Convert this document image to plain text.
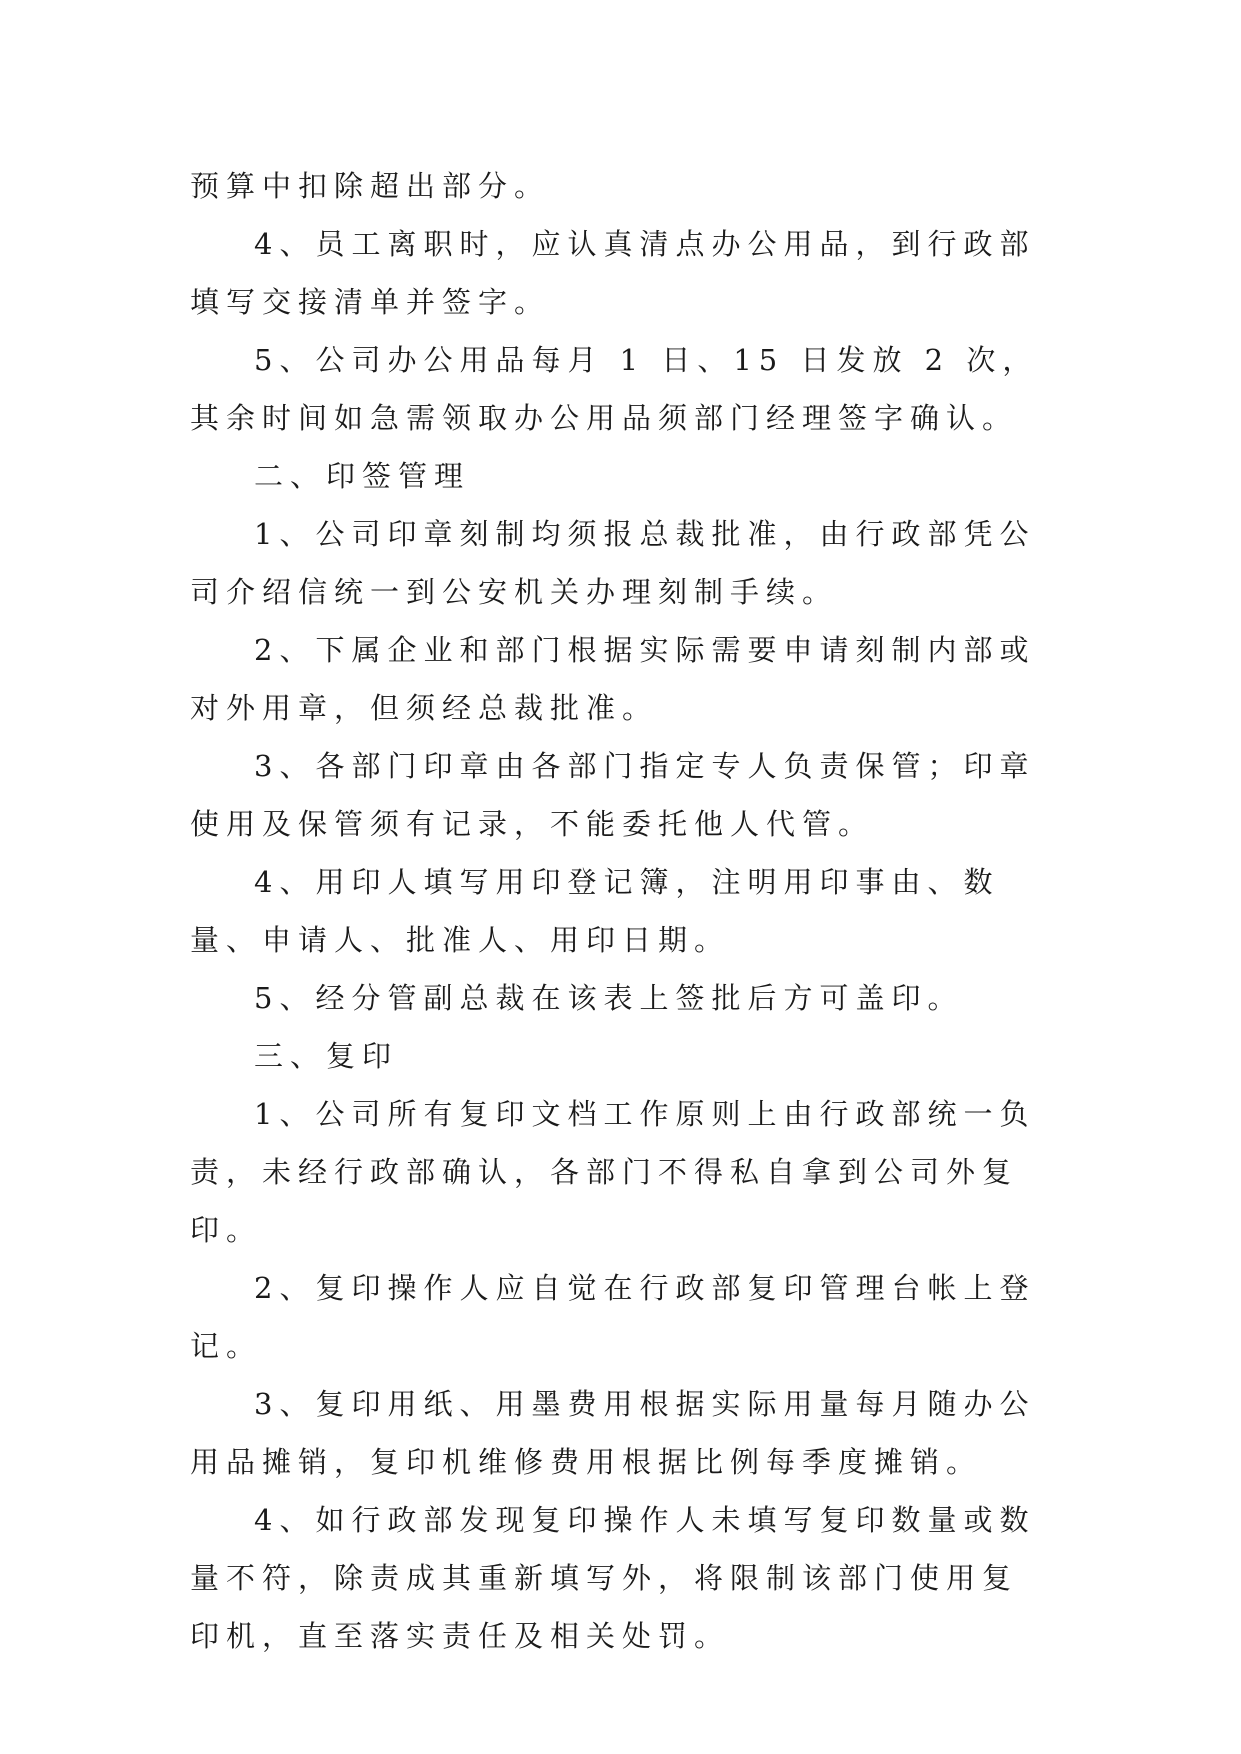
预算中扣除超出部分。

4、员工离职时，应认真清点办公用品，到行政部填写交接清单并签字。

5、公司办公用品每月 1 日、15 日发放 2 次，其余时间如急需领取办公用品须部门经理签字确认。

二、印签管理

1、公司印章刻制均须报总裁批准，由行政部凭公司介绍信统一到公安机关办理刻制手续。

2、下属企业和部门根据实际需要申请刻制内部或对外用章，但须经总裁批准。

3、各部门印章由各部门指定专人负责保管；印章使用及保管须有记录，不能委托他人代管。

4、用印人填写用印登记簿，注明用印事由、数量、申请人、批准人、用印日期。

5、经分管副总裁在该表上签批后方可盖印。

三、复印

1、公司所有复印文档工作原则上由行政部统一负责，未经行政部确认，各部门不得私自拿到公司外复印。

2、复印操作人应自觉在行政部复印管理台帐上登记。

3、复印用纸、用墨费用根据实际用量每月随办公用品摊销，复印机维修费用根据比例每季度摊销。

4、如行政部发现复印操作人未填写复印数量或数量不符，除责成其重新填写外，将限制该部门使用复印机，直至落实责任及相关处罚。
